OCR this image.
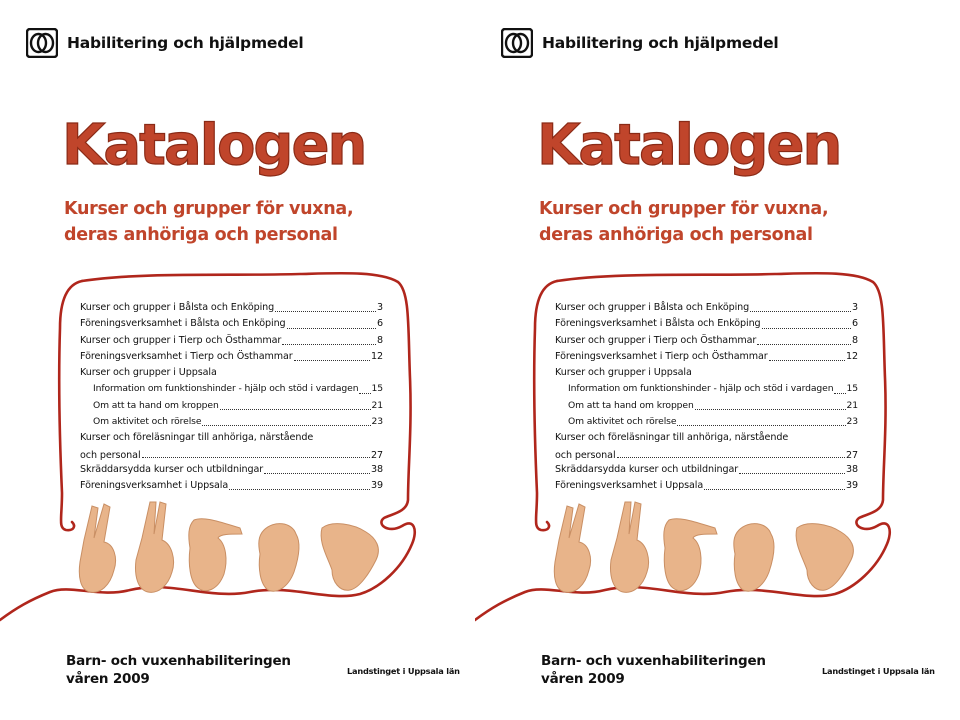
Habilitering och hjälpmedel
Katalogen

Kurser och grupper för vuxna,
deras anhöriga och personal

Kurser och grupper i Bålsta och Enköping	3
Föreningsverksamhet i Bålsta och Enköping	6
Kurser och grupper i Tierp och Östhammar	8
Föreningsverksamhet i Tierp och Östhammar	12
Kurser och grupper i Uppsala
Information om funktionshinder - hjälp och stöd i vardagen 15
Om att ta hand om kroppen	21
Om aktivitet och rörelse	23
Kurser och föreläsningar till anhöriga, närstående
och personal	27
Skräddarsydda kurser och utbildningar	38
Föreningsverksamhet i Uppsala	39

Barn- och vuxenhabiliteringen
våren 2009	Landstinget i Uppsala län
Habilitering och hjälpmedel
Katalogen

Kurser och grupper för vuxna,
deras anhöriga och personal

Kurser och grupper i Bålsta och Enköping	3
Föreningsverksamhet i Bålsta och Enköping	6
Kurser och grupper i Tierp och Östhammar	8
Föreningsverksamhet i Tierp och Östhammar	12
Kurser och grupper i Uppsala
Information om funktionshinder - hjälp och stöd i vardagen 15
Om att ta hand om kroppen	21
Om aktivitet och rörelse	23
Kurser och föreläsningar till anhöriga, närstående
och personal	27
Skräddarsydda kurser och utbildningar	38
Föreningsverksamhet i Uppsala	39

Barn- och vuxenhabiliteringen
våren 2009	Landstinget i Uppsala län
